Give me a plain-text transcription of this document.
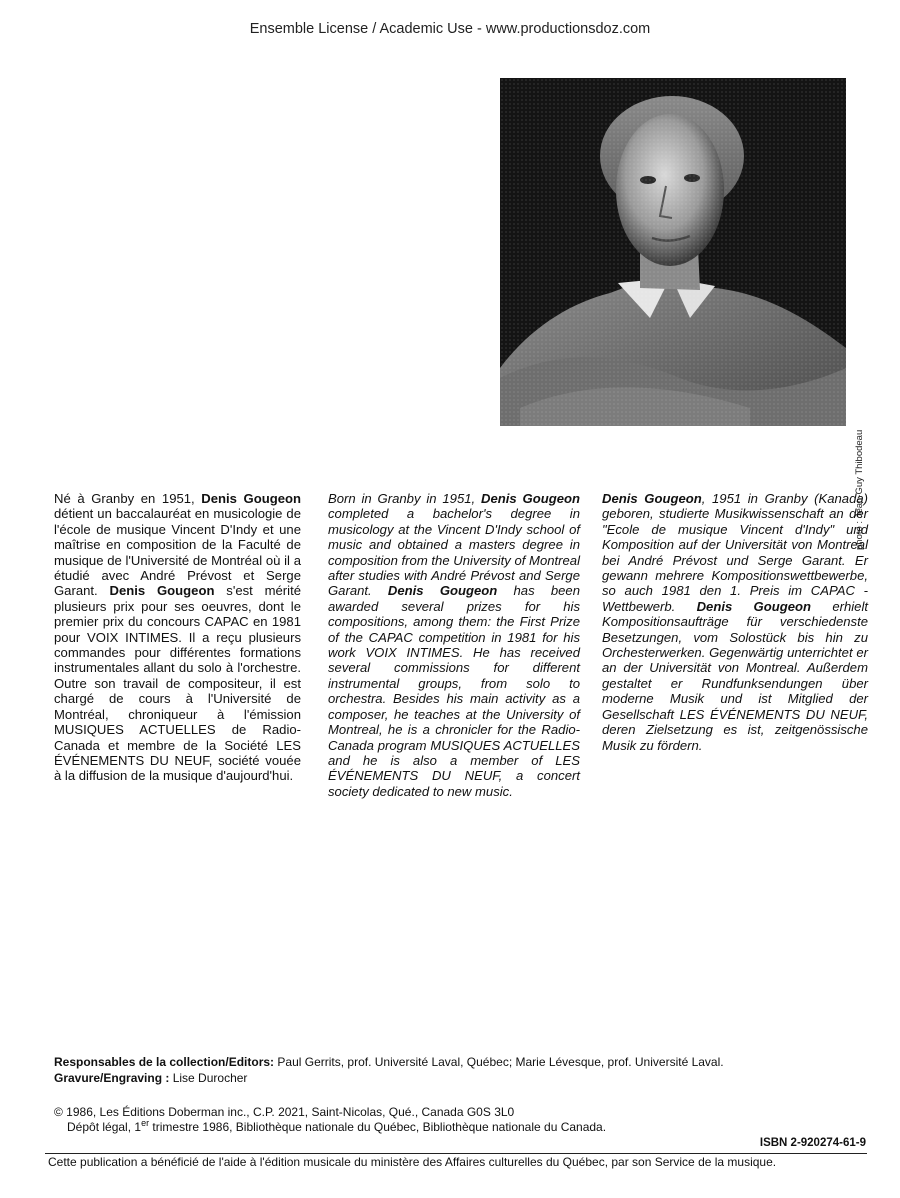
Ensemble License / Academic Use - www.productionsdoz.com
photo : Jean-Guy Thibodeau

Né à Granby en 1951, Denis Gougeon détient un baccalauréat en musicologie de l'école de musique Vincent D'Indy et une maîtrise en composition de la Faculté de musique de l'Université de Montréal où il a étudié avec André Prévost et Serge Garant. Denis Gougeon s'est mérité plusieurs prix pour ses oeuvres, dont le premier prix du concours CAPAC en 1981 pour VOIX INTIMES. Il a reçu plusieurs commandes pour différentes formations instrumentales allant du solo à l'orchestre. Outre son travail de compositeur, il est chargé de cours à l'Université de Montréal, chroniqueur à l'émission MUSIQUES ACTUELLES de Radio-Canada et membre de la Société LES ÉVÉNEMENTS DU NEUF, société vouée à la diffusion de la musique d'aujourd'hui.

Born in Granby in 1951, Denis Gougeon completed a bachelor's degree in musicology at the Vincent D'Indy school of music and obtained a masters degree in composition from the University of Montreal after studies with André Prévost and Serge Garant. Denis Gougeon has been awarded several prizes for his compositions, among them: the First Prize of the CAPAC competition in 1981 for his work VOIX INTIMES. He has received several commissions for different instrumental groups, from solo to orchestra. Besides his main activity as a composer, he teaches at the University of Montreal, he is a chronicler for the Radio-Canada program MUSIQUES ACTUELLES and he is also a member of LES ÉVÉNEMENTS DU NEUF, a concert society dedicated to new music.

Denis Gougeon, 1951 in Granby (Kanada) geboren, studierte Musikwissenschaft an der "Ecole de musique Vincent d'Indy" und Komposition auf der Universität von Montreal bei André Prévost und Serge Garant. Er gewann mehrere Kompositionswettbewerbe, so auch 1981 den 1. Preis im CAPAC - Wettbewerb. Denis Gougeon erhielt Kompositionsaufträge für verschiedenste Besetzungen, vom Solostück bis hin zu Orchesterwerken. Gegenwärtig unterrichtet er an der Universität von Montreal. Außerdem gestaltet er Rundfunksendungen über moderne Musik und ist Mitglied der Gesellschaft LES ÉVÉNEMENTS DU NEUF, deren Zielsetzung es ist, zeitgenössische Musik zu fördern.

Responsables de la collection/Editors: Paul Gerrits, prof. Université Laval, Québec; Marie Lévesque, prof. Université Laval.
Gravure/Engraving : Lise Durocher
© 1986, Les Éditions Doberman inc., C.P. 2021, Saint-Nicolas, Qué., Canada G0S 3L0
Dépôt légal, 1er trimestre 1986, Bibliothèque nationale du Québec, Bibliothèque nationale du Canada.
ISBN 2-920274-61-9
Cette publication a bénéficié de l'aide à l'édition musicale du ministère des Affaires culturelles du Québec, par son Service de la musique.
